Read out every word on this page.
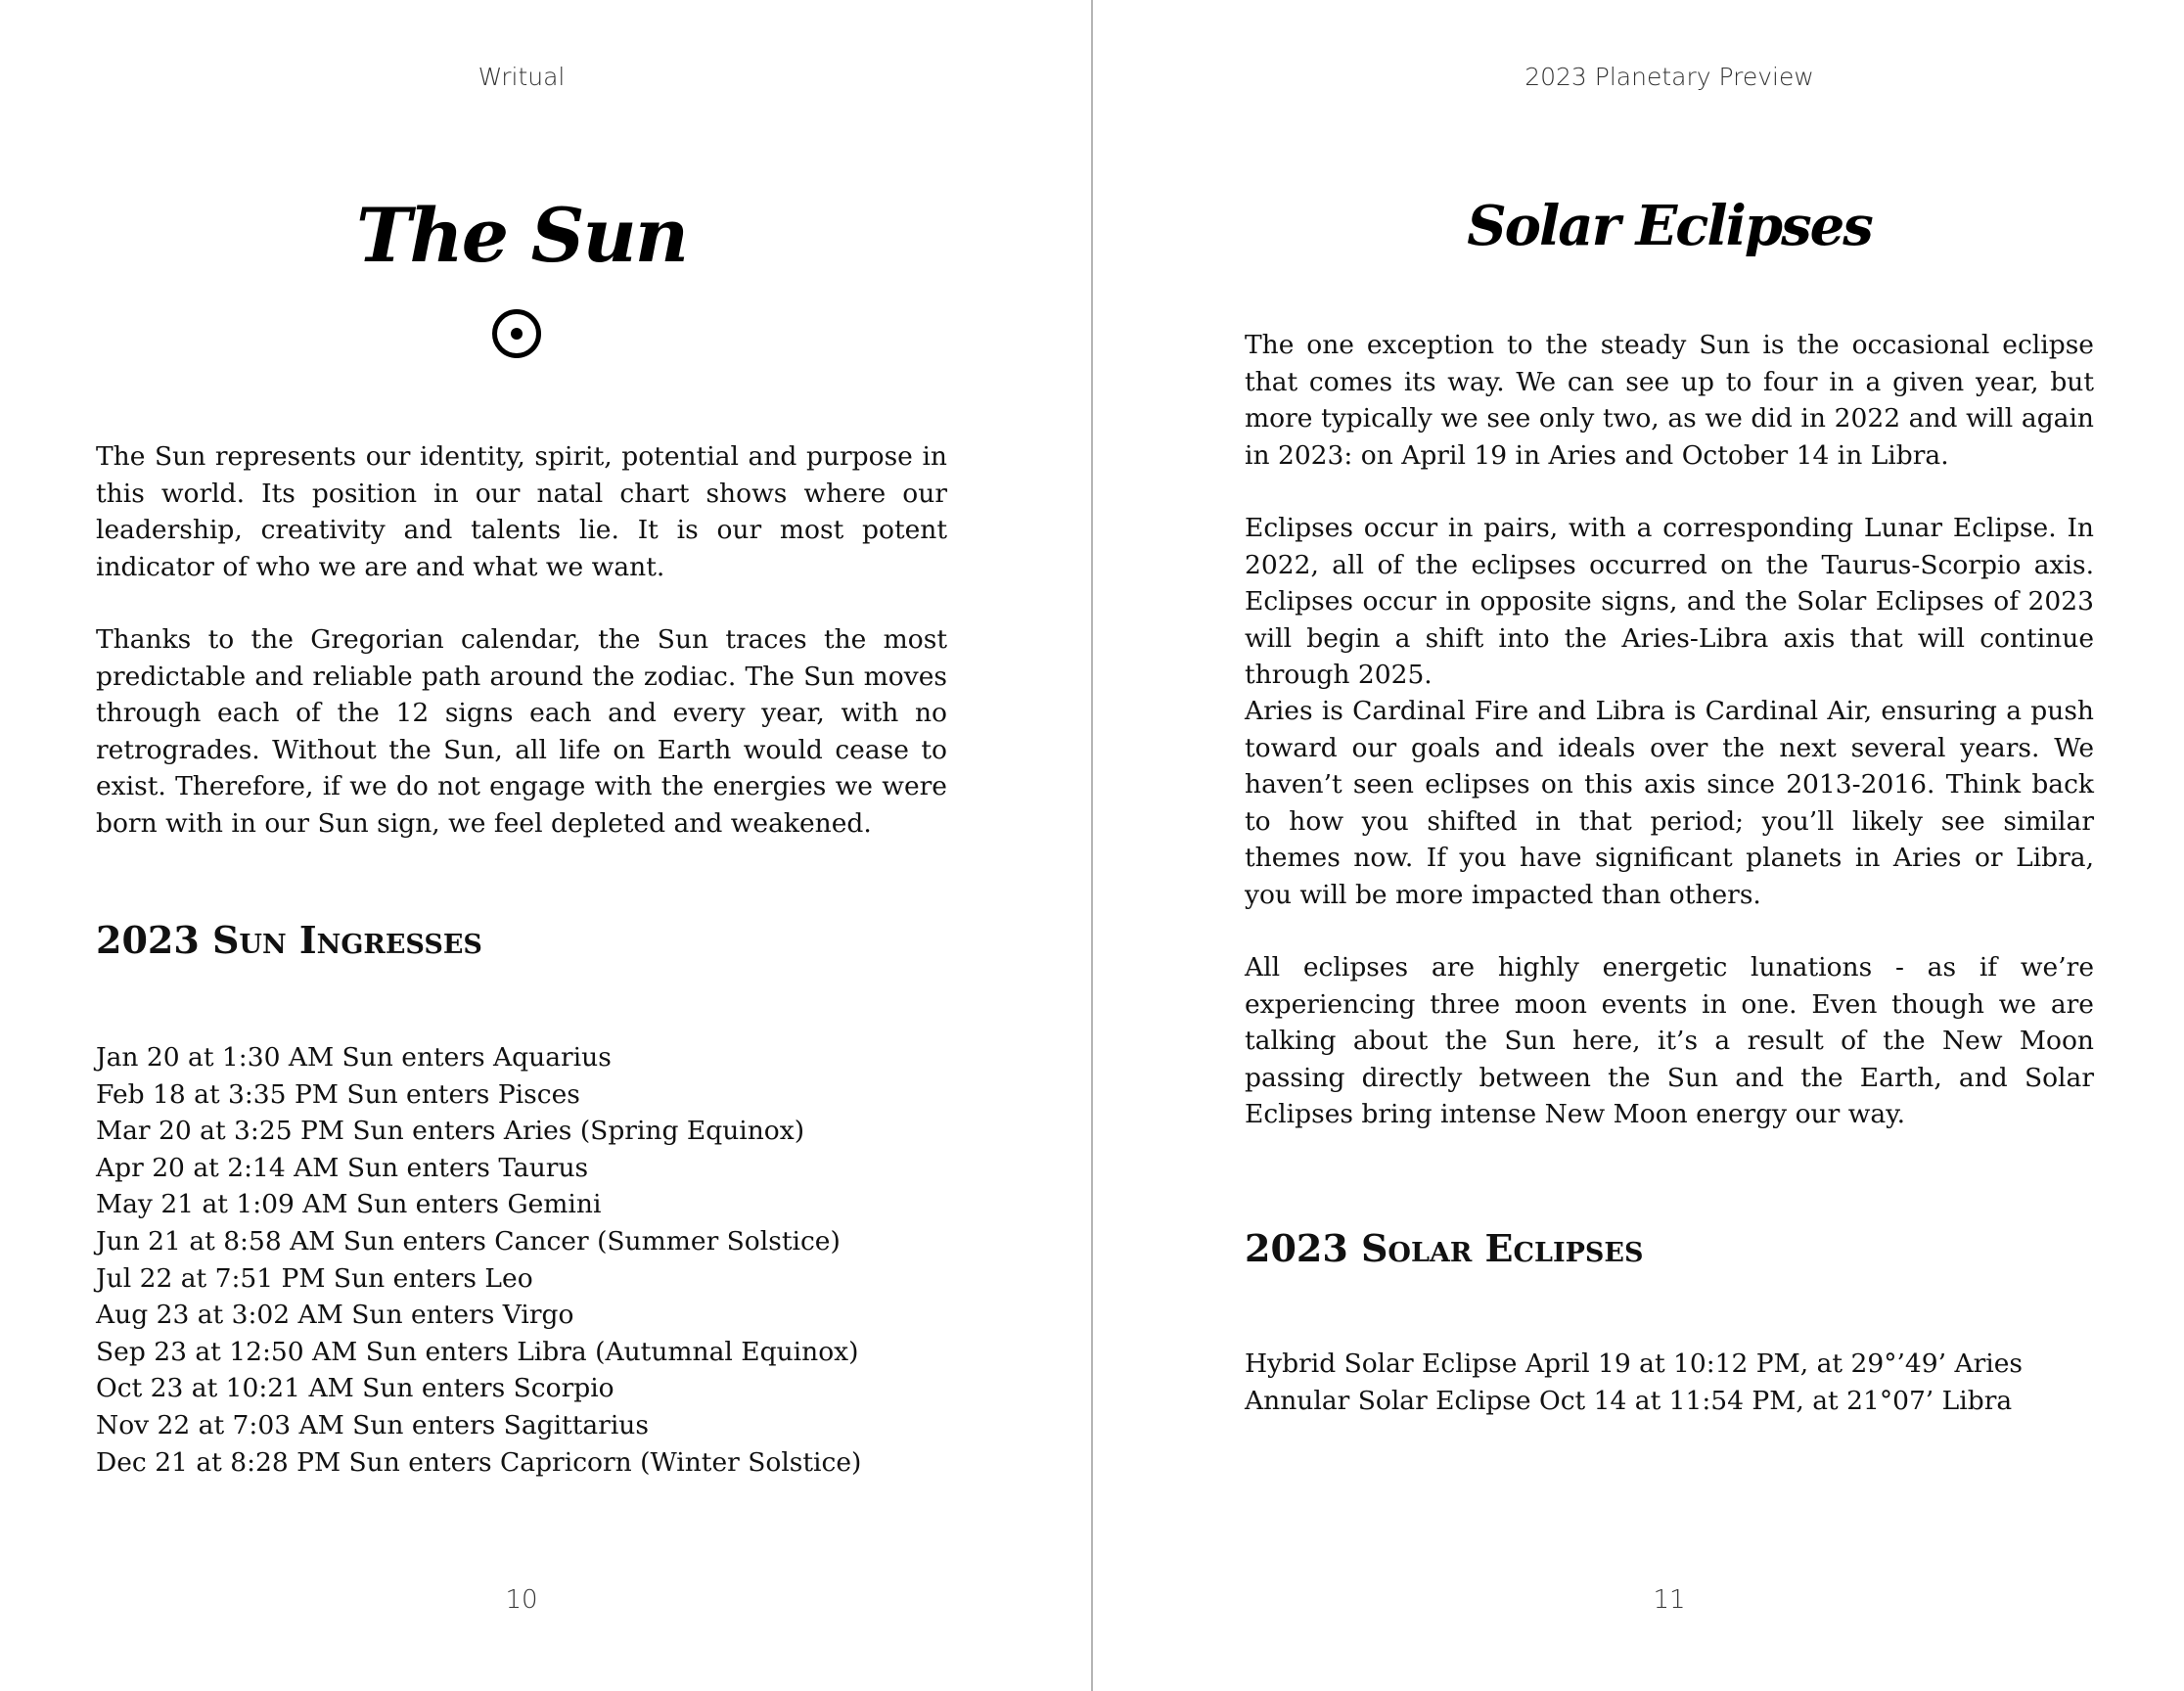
Writual
The Sun

The Sun represents our identity, spirit, potential and purpose in this world. Its position in our natal chart shows where our leadership, creativity and talents lie. It is our most potent indicator of who we are and what we want.

Thanks to the Gregorian calendar, the Sun traces the most predictable and reliable path around the zodiac. The Sun moves through each of the 12 signs each and every year, with no retrogrades. Without the Sun, all life on Earth would cease to exist. Therefore, if we do not engage with the energies we were born with in our Sun sign, we feel depleted and weakened.

2023 Sun Ingresses
Jan 20 at 1:30 AM Sun enters Aquarius
Feb 18 at 3:35 PM Sun enters Pisces
Mar 20 at 3:25 PM Sun enters Aries (Spring Equinox)
Apr 20 at 2:14 AM Sun enters Taurus
May 21 at 1:09 AM Sun enters Gemini
Jun 21 at 8:58 AM Sun enters Cancer (Summer Solstice)
Jul 22 at 7:51 PM Sun enters Leo
Aug 23 at 3:02 AM Sun enters Virgo
Sep 23 at 12:50 AM Sun enters Libra (Autumnal Equinox)
Oct 23 at 10:21 AM Sun enters Scorpio
Nov 22 at 7:03 AM Sun enters Sagittarius
Dec 21 at 8:28 PM Sun enters Capricorn (Winter Solstice)
10
2023 Planetary Preview
Solar Eclipses

The one exception to the steady Sun is the occasional eclipse that comes its way. We can see up to four in a given year, but more typically we see only two, as we did in 2022 and will again in 2023: on April 19 in Aries and October 14 in Libra.

Eclipses occur in pairs, with a corresponding Lunar Eclipse. In 2022, all of the eclipses occurred on the Taurus-Scorpio axis. Eclipses occur in opposite signs, and the Solar Eclipses of 2023 will begin a shift into the Aries-Libra axis that will continue through 2025.

Aries is Cardinal Fire and Libra is Cardinal Air, ensuring a push toward our goals and ideals over the next several years. We haven’t seen eclipses on this axis since 2013-2016. Think back to how you shifted in that period; you’ll likely see similar themes now. If you have significant planets in Aries or Libra, you will be more impacted than others.

All eclipses are highly energetic lunations - as if we’re experiencing three moon events in one. Even though we are talking about the Sun here, it’s a result of the New Moon passing directly between the Sun and the Earth, and Solar Eclipses bring intense New Moon energy our way.

2023 Solar Eclipses
Hybrid Solar Eclipse April 19 at 10:12 PM, at 29°’49’ Aries
Annular Solar Eclipse Oct 14 at 11:54 PM, at 21°07’ Libra
11
